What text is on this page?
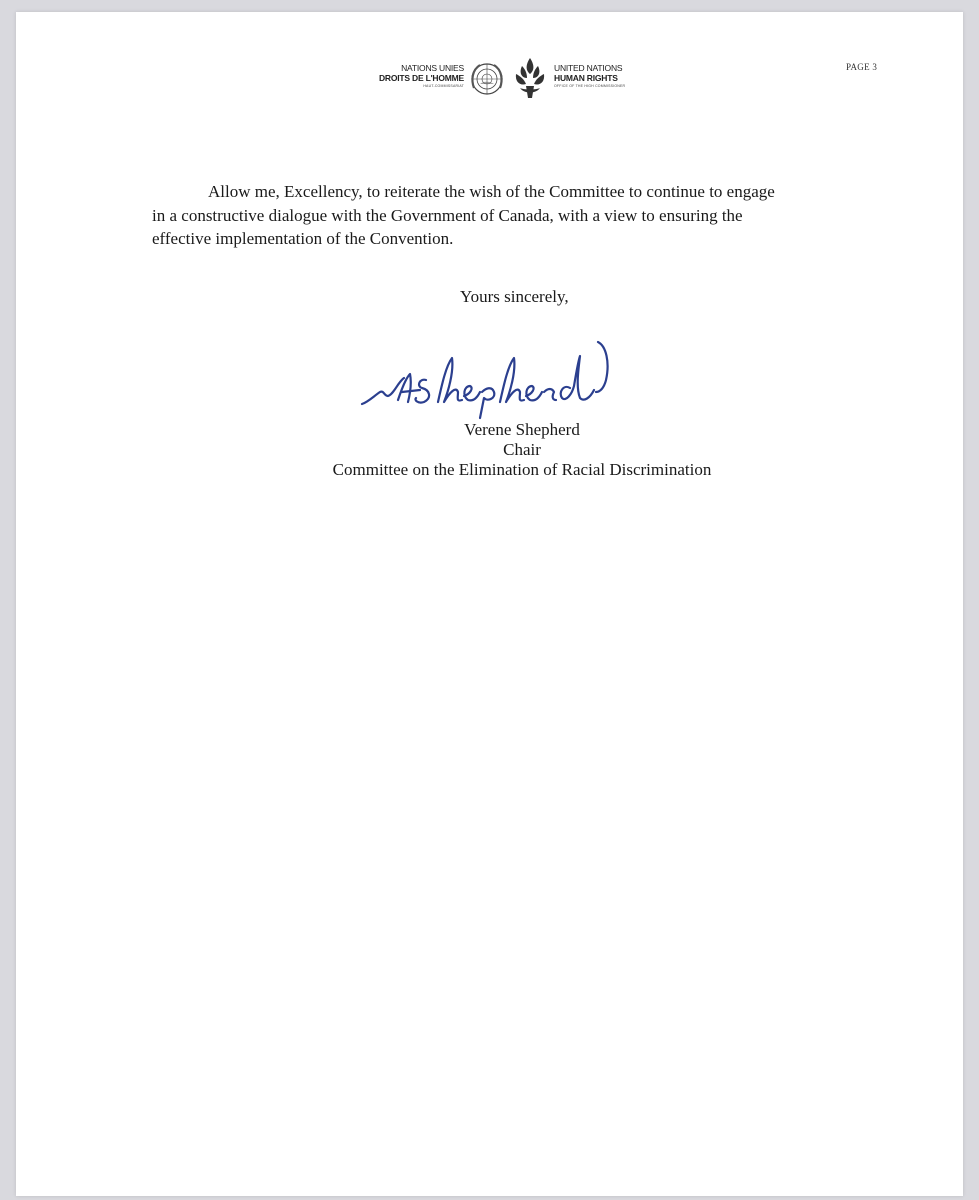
NATIONS UNIES
DROITS DE L'HOMME
HAUT-COMMISSARIAT
UNITED NATIONS
HUMAN RIGHTS
OFFICE OF THE HIGH COMMISSIONER
PAGE 3
Allow me, Excellency, to reiterate the wish of the Committee to continue to engage in a constructive dialogue with the Government of Canada, with a view to ensuring the effective implementation of the Convention.
Yours sincerely,
Verene Shepherd
Chair
Committee on the Elimination of Racial Discrimination
